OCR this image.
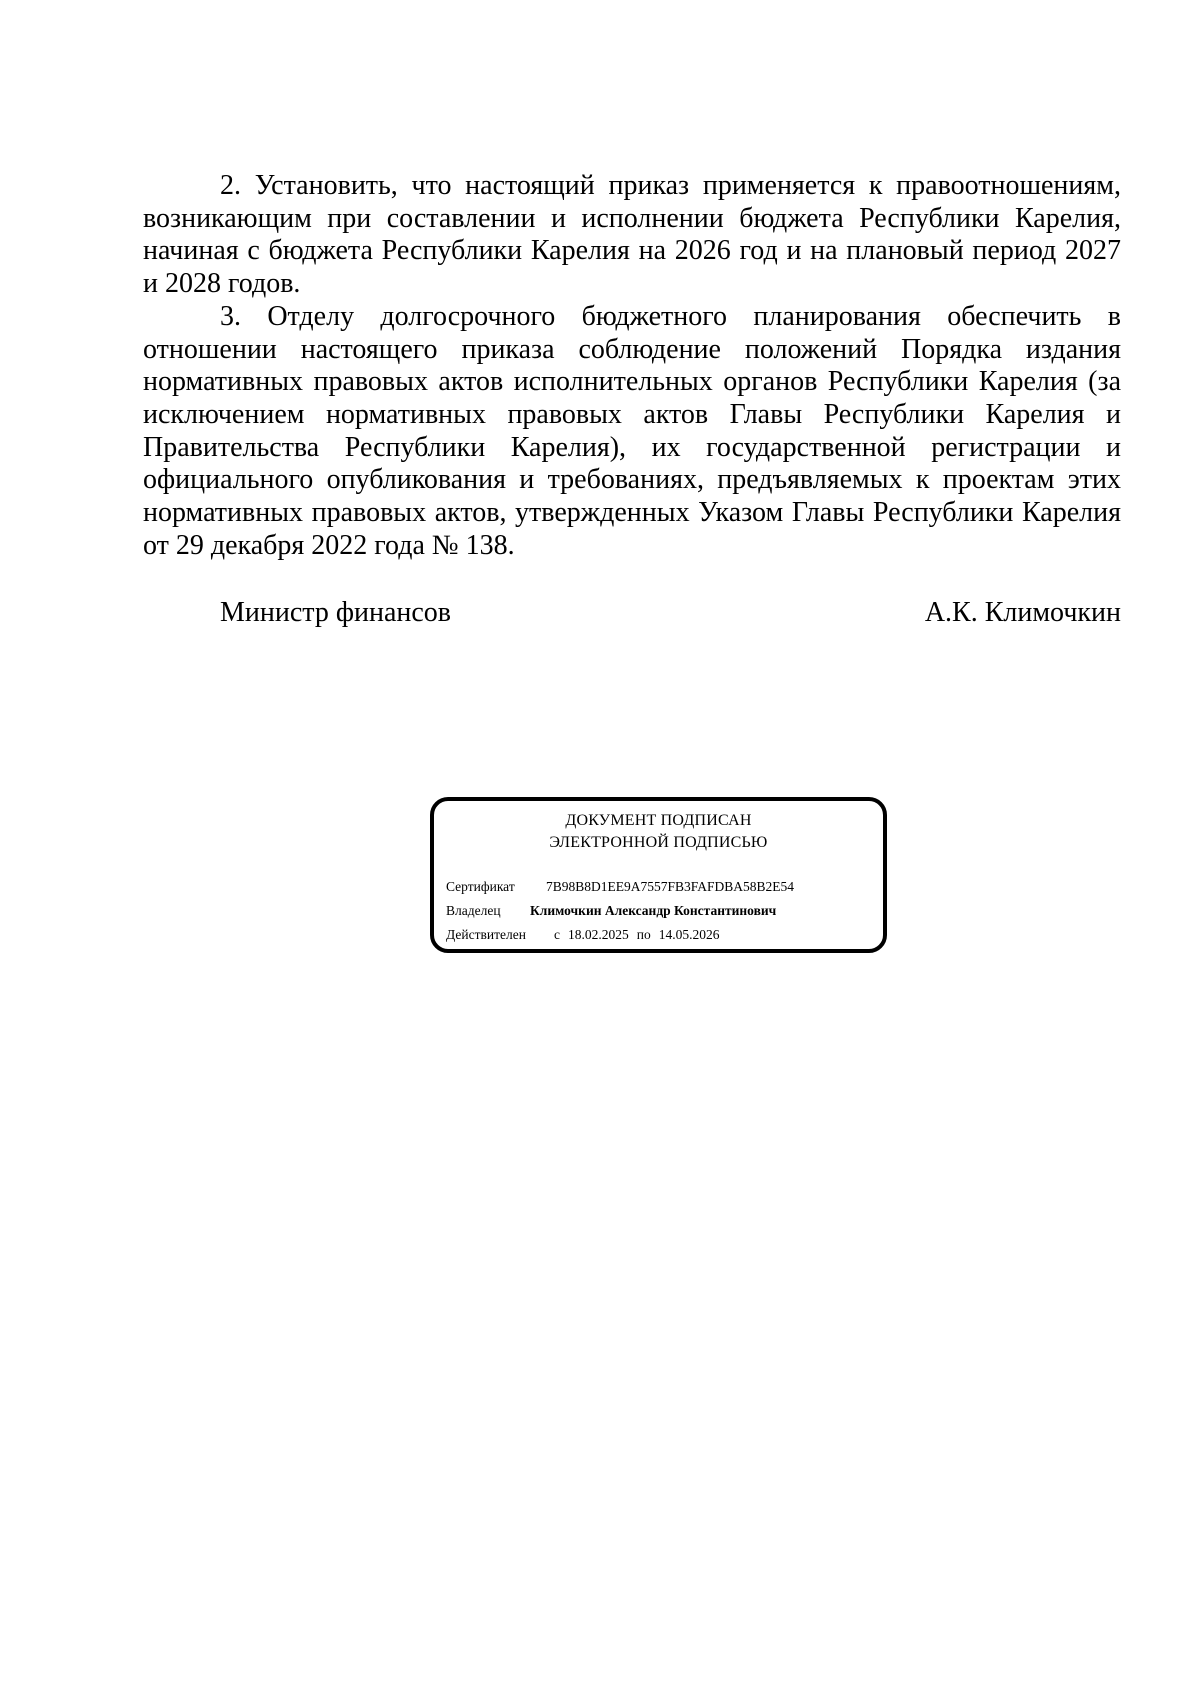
2. Установить, что настоящий приказ применяется к правоотношениям, возникающим при составлении и исполнении бюджета Республики Карелия, начиная с бюджета Республики Карелия на 2026 год и на плановый период 2027 и 2028 годов.

3. Отделу долгосрочного бюджетного планирования обеспечить в отношении настоящего приказа соблюдение положений Порядка издания нормативных правовых актов исполнительных органов Республики Карелия (за исключением нормативных правовых актов Главы Республики Карелия и Правительства Республики Карелия), их государственной регистрации и официального опубликования и требованиях, предъявляемых к проектам этих нормативных правовых актов, утвержденных Указом Главы Республики Карелия от 29 декабря 2022 года № 138.

Министр финансов	А.К. Климочкин
ДОКУМЕНТ ПОДПИСАН
ЭЛЕКТРОННОЙ ПОДПИСЬЮ
Сертификат 7B98B8D1EE9A7557FB3FAFDBA58B2E54
Владелец Климочкин Александр Константинович
Действителен с 18.02.2025 по 14.05.2026
